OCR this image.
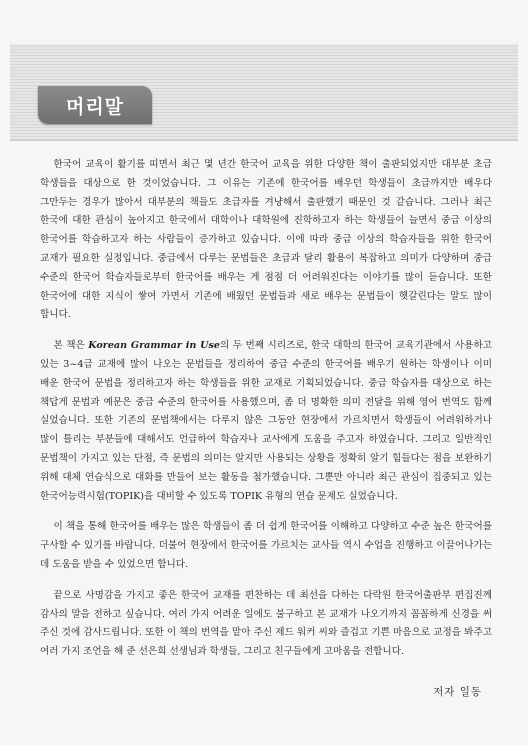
머리말

한국어 교육이 활기를 띠면서 최근 몇 년간 한국어 교육을 위한 다양한 책이 출판되었지만 대부분 초급 학생들을 대상으로 한 것이었습니다. 그 이유는 기존에 한국어를 배우던 학생들이 초급까지만 배우다 그만두는 경우가 많아서 대부분의 책들도 초급자를 겨냥해서 출판했기 때문인 것 같습니다. 그러나 최근 한국에 대한 관심이 높아지고 한국에서 대학이나 대학원에 진학하고자 하는 학생들이 늘면서 중급 이상의 한국어를 학습하고자 하는 사람들이 증가하고 있습니다. 이에 따라 중급 이상의 학습자들을 위한 한국어 교재가 필요한 실정입니다. 중급에서 다루는 문법들은 초급과 달리 활용이 복잡하고 의미가 다양하며 중급 수준의 한국어 학습자들로부터 한국어를 배우는 게 점점 더 어려워진다는 이야기를 많이 듣습니다. 또한 한국어에 대한 지식이 쌓여 가면서 기존에 배웠던 문법들과 새로 배우는 문법들이 헷갈린다는 말도 많이 합니다.

본 책은 Korean Grammar in Use의 두 번째 시리즈로, 한국 대학의 한국어 교육기관에서 사용하고 있는 3~4급 교재에 많이 나오는 문법들을 정리하여 중급 수준의 한국어를 배우기 원하는 학생이나 이미 배운 한국어 문법을 정리하고자 하는 학생들을 위한 교재로 기획되었습니다. 중급 학습자를 대상으로 하는 책답게 문법과 예문은 중급 수준의 한국어를 사용했으며, 좀 더 명확한 의미 전달을 위해 영어 번역도 함께 실었습니다. 또한 기존의 문법책에서는 다루지 않은 그동안 현장에서 가르치면서 학생들이 어려워하거나 많이 틀리는 부분들에 대해서도 언급하여 학습자나 교사에게 도움을 주고자 하였습니다. 그리고 일반적인 문법책이 가지고 있는 단점, 즉 문법의 의미는 알지만 사용되는 상황을 정확히 알기 힘들다는 점을 보완하기 위해 대체 연습식으로 대화를 만들어 보는 활동을 첨가했습니다. 그뿐만 아니라 최근 관심이 집중되고 있는 한국어능력시험(TOPIK)을 대비할 수 있도록 TOPIK 유형의 연습 문제도 실었습니다.

이 책을 통해 한국어를 배우는 많은 학생들이 좀 더 쉽게 한국어를 이해하고 다양하고 수준 높은 한국어를 구사할 수 있기를 바랍니다. 더불어 현장에서 한국어를 가르치는 교사들 역시 수업을 진행하고 이끌어나가는 데 도움을 받을 수 있었으면 합니다.

끝으로 사명감을 가지고 좋은 한국어 교재를 편찬하는 데 최선을 다하는 다락원 한국어출판부 편집진께 감사의 말을 전하고 싶습니다. 여러 가지 어려운 일에도 불구하고 본 교재가 나오기까지 꼼꼼하게 신경을 써 주신 것에 감사드립니다. 또한 이 책의 번역을 맡아 주신 제드 워커 씨와 즐겁고 기쁜 마음으로 교정을 봐주고 여러 가지 조언을 해 준 선은희 선생님과 학생들, 그리고 친구들에게 고마움을 전합니다.

저자 일동
